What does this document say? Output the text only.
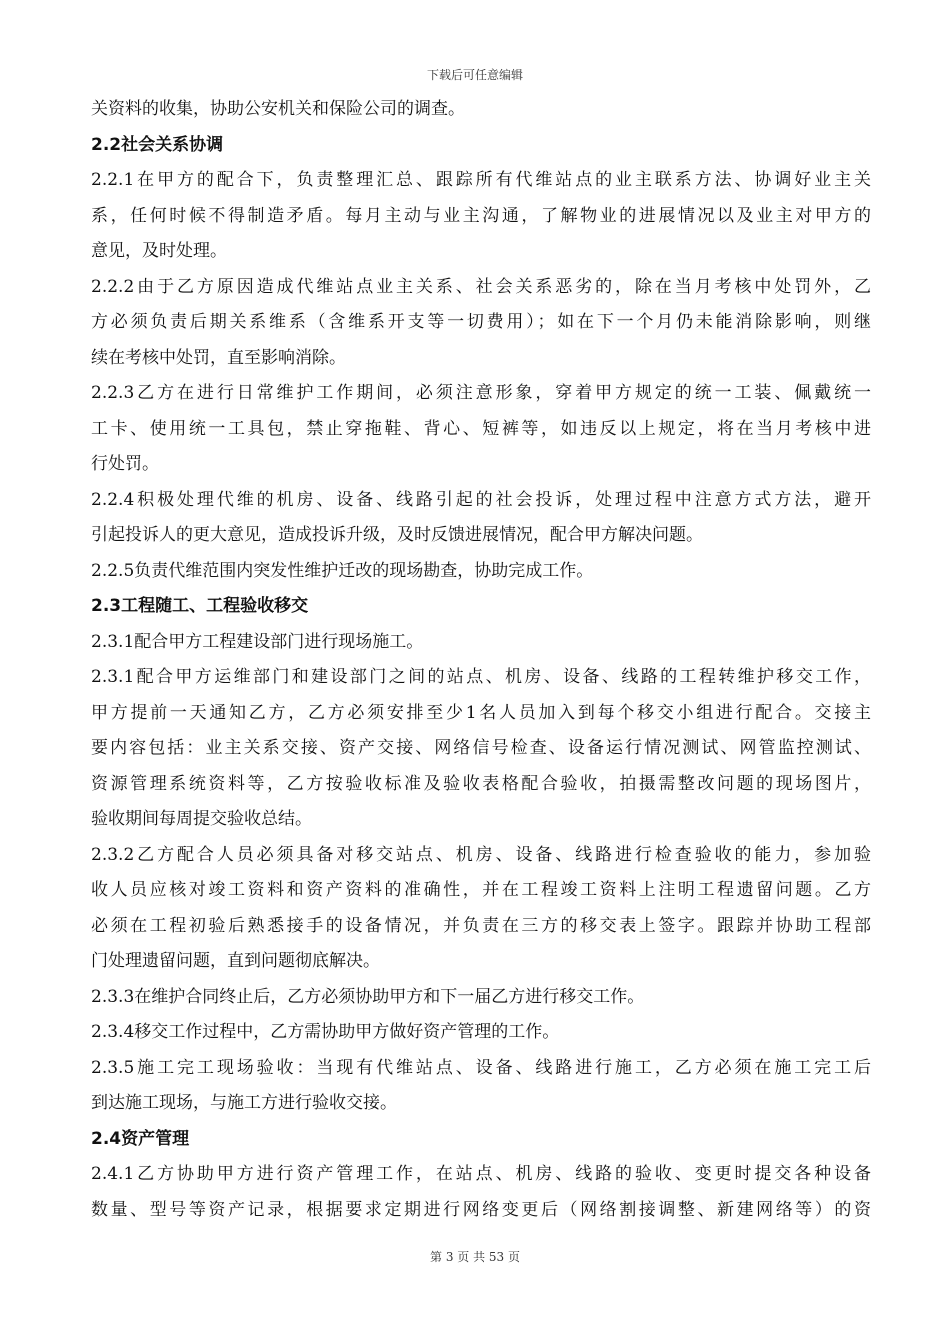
下载后可任意编辑
关资料的收集，协助公安机关和保险公司的调查。
2.2社会关系协调
2.2.1在甲方的配合下，负责整理汇总、跟踪所有代维站点的业主联系方法、协调好业主关
系，任何时候不得制造矛盾。每月主动与业主沟通，了解物业的进展情况以及业主对甲方的
意见，及时处理。
2.2.2由于乙方原因造成代维站点业主关系、社会关系恶劣的，除在当月考核中处罚外，乙
方必须负责后期关系维系（含维系开支等一切费用）；如在下一个月仍未能消除影响，则继
续在考核中处罚，直至影响消除。
2.2.3乙方在进行日常维护工作期间，必须注意形象，穿着甲方规定的统一工装、佩戴统一
工卡、使用统一工具包，禁止穿拖鞋、背心、短裤等，如违反以上规定，将在当月考核中进
行处罚。
2.2.4积极处理代维的机房、设备、线路引起的社会投诉，处理过程中注意方式方法，避开
引起投诉人的更大意见，造成投诉升级，及时反馈进展情况，配合甲方解决问题。
2.2.5负责代维范围内突发性维护迁改的现场勘查，协助完成工作。
2.3工程随工、工程验收移交
2.3.1配合甲方工程建设部门进行现场施工。
2.3.1配合甲方运维部门和建设部门之间的站点、机房、设备、线路的工程转维护移交工作，
甲方提前一天通知乙方，乙方必须安排至少1名人员加入到每个移交小组进行配合。交接主
要内容包括：业主关系交接、资产交接、网络信号检查、设备运行情况测试、网管监控测试、
资源管理系统资料等，乙方按验收标准及验收表格配合验收，拍摄需整改问题的现场图片，
验收期间每周提交验收总结。
2.3.2乙方配合人员必须具备对移交站点、机房、设备、线路进行检查验收的能力，参加验
收人员应核对竣工资料和资产资料的准确性，并在工程竣工资料上注明工程遗留问题。乙方
必须在工程初验后熟悉接手的设备情况，并负责在三方的移交表上签字。跟踪并协助工程部
门处理遗留问题，直到问题彻底解决。
2.3.3在维护合同终止后，乙方必须协助甲方和下一届乙方进行移交工作。
2.3.4移交工作过程中，乙方需协助甲方做好资产管理的工作。
2.3.5施工完工现场验收：当现有代维站点、设备、线路进行施工，乙方必须在施工完工后
到达施工现场，与施工方进行验收交接。
2.4资产管理
2.4.1乙方协助甲方进行资产管理工作，在站点、机房、线路的验收、变更时提交各种设备
数量、型号等资产记录，根据要求定期进行网络变更后（网络割接调整、新建网络等）的资
第 3 页 共 53 页
